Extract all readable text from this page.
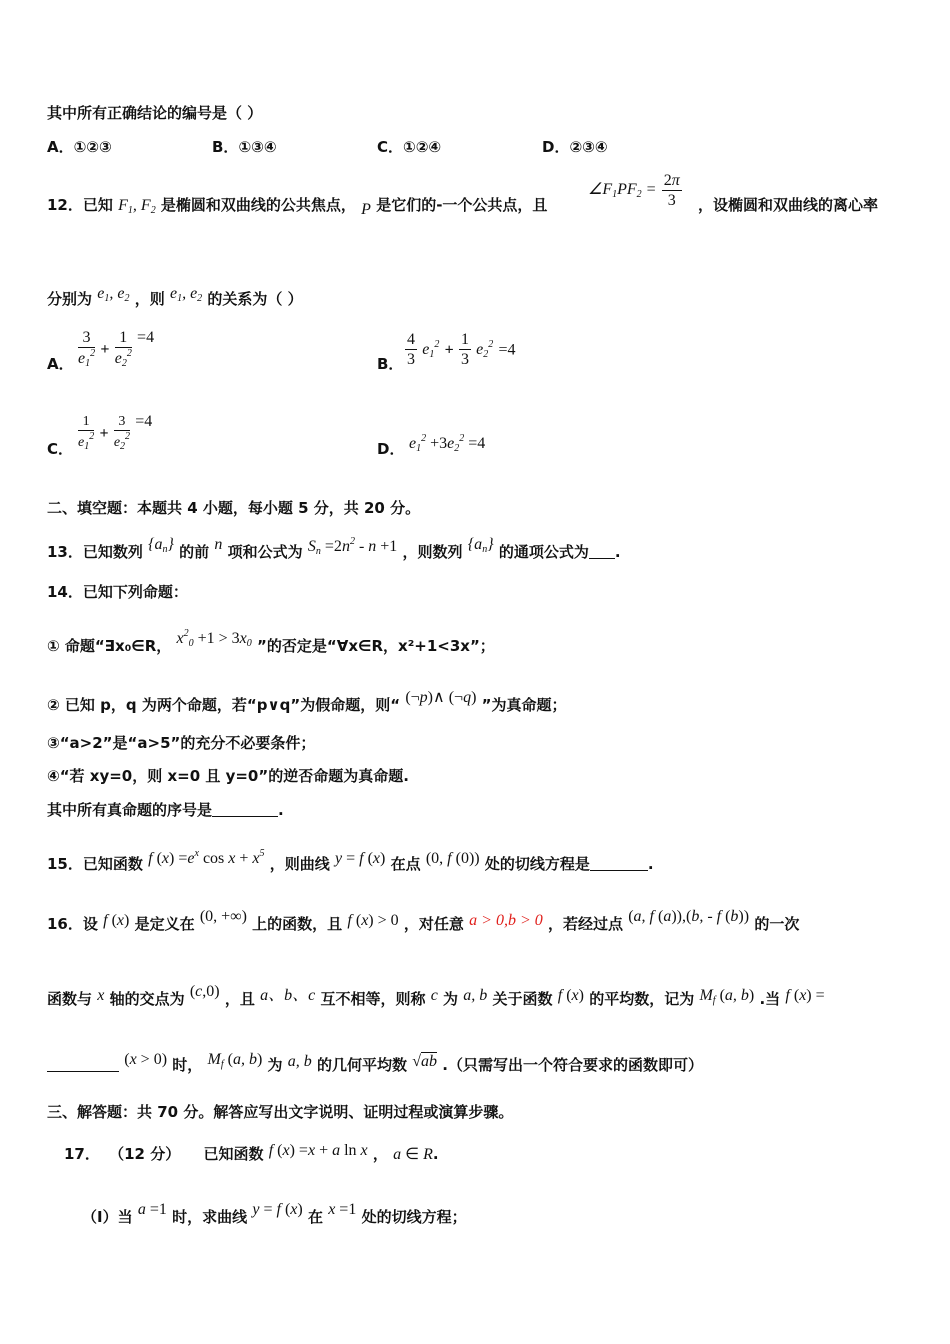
其中所有正确结论的编号是（ ）
A．①②③	B．①③④	C．①②④	D．②③④
12．已知 $F_1$, $F_2$ 是椭圆和双曲线的公共焦点， P 是它们的-一个公共点，且
$\angle F_1PF_2 = \frac{2\pi}{3}$ ，设椭圆和双曲线的离心率
分别为 $e_1$, $e_2$ ，则 $e_1$, $e_2$ 的关系为（ ）
A． $\frac{3}{e_1^2} + \frac{1}{e_2^2} =4$
B． $\frac{4}{3} e_1^2 + \frac{1}{3} e_2^2 =4$
C． $\frac{1}{e_1^2} + \frac{3}{e_2^2} =4$
D． $e_1^2 +3e_2^2 =4$
二、填空题：本题共 4 小题，每小题 5 分，共 20 分。
13．已知数列 $\{a_n\}$ 的前 n 项和公式为 $S_n =2n^2 - n +1$ ，则数列 $\{a_n\}$ 的通项公式为 .
14．已知下列命题：
① 命题“∃x₀∈R， $x^2_0 +1 > 3x_0$ ”的否定是“∀x∈R，x²+1<3x”；
② 已知 p，q 为两个命题，若“p∨q”为假命题，则“ (¬p)∧ (¬q) ”为真命题；
③“a>2”是“a>5”的充分不必要条件；
④“若 xy=0，则 x=0 且 y=0”的逆否命题为真命题.
其中所有真命题的序号是	.
15．已知函数 f $(x) =e^x$ $\cos x + x^5$ ，则曲线 y = f (x) 在点 (0, f (0)) 处的切线方程是	.
16．设 f (x) 是定义在 (0, +∞) 上的函数，且 f (x) > 0 ，对任意 a > 0,b > 0 ，若经过点 (a, f (a)),(b, - f (b)) 的一次
函数与 x 轴的交点为 (c,0) ，且 a、b、c 互不相等，则称 c 为 a, b 关于函数 f (x) 的平均数，记为 $M_f$ (a, b) .当 f (x) =
(x > 0) 时， $M_f$ (a, b) 为 a, b 的几何平均数 √ab .（只需写出一个符合要求的函数即可）
三、解答题：共 70 分。解答应写出文字说明、证明过程或演算步骤。
17． （12 分） 已知函数 f (x) =x + a ln x ， a ∈ R.
（Ⅰ）当 a =1 时，求曲线 y = f (x) 在 x =1 处的切线方程；
